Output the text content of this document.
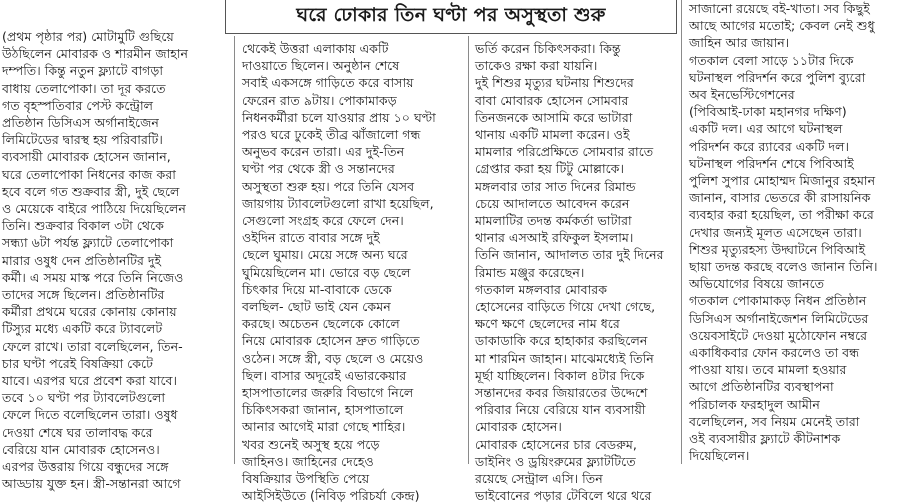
(প্রথম পৃষ্ঠার পর) মোটামুটি গুছিয়ে
উঠছিলেন মোবারক ও শারমীন জাহান
দম্পতি। কিন্তু নতুন ফ্ল্যাটে বাগড়া
বাধায় তেলাপোকা। তা দূর করতে
গত বৃহস্পতিবার পেস্ট কন্ট্রোল
প্রতিষ্ঠান ডিসিএস অর্গানাইজেন
লিমিটেডের দ্বারস্থ হয় পরিবারটি।
ব্যবসায়ী মোবারক হোসেন জানান,
ঘরে তেলাপোকা নিধনের কাজ করা
হবে বলে গত শুক্রবার স্ত্রী, দুই ছেলে
ও মেয়েকে বাইরে পাঠিয়ে দিয়েছিলেন
তিনি। শুক্রবার বিকাল ৩টা থেকে
সন্ধ্যা ৬টা পর্যন্ত ফ্ল্যাটে তেলাপোকা
মারার ওষুধ দেন প্রতিষ্ঠানটির দুই
কর্মী। এ সময় মাস্ক পরে তিনি নিজেও
তাদের সঙ্গে ছিলেন। প্রতিষ্ঠানটির
কর্মীরা প্রথমে ঘরের কোনায় কোনায়
টিস্যুর মধ্যে একটি করে ট্যাবলেট
ফেলে রাখে। তারা বলেছিলেন, তিন-
চার ঘণ্টা পরেই বিষক্রিয়া কেটে
যাবে। এরপর ঘরে প্রবেশ করা যাবে।
তবে ১০ ঘণ্টা পর ট্যাবলেটগুলো
ফেলে দিতে বলেছিলেন তারা। ওষুধ
দেওয়া শেষে ঘর তালাবদ্ধ করে
বেরিয়ে যান মোবারক হোসেনও।
এরপর উত্তরায় গিয়ে বন্ধুদের সঙ্গে
আড্ডায় যুক্ত হন। স্ত্রী-সন্তানরা আগে

থেকেই উত্তরা এলাকায় একটি
দাওয়াতে ছিলেন। অনুষ্ঠান শেষে
সবাই একসঙ্গে গাড়িতে করে বাসায়
ফেরেন রাত ৯টায়। পোকামাকড়
নিধনকর্মীরা চলে যাওয়ার প্রায় ১০ ঘণ্টা
পরও ঘরে ঢুকেই তীব্র ঝাঁজালো গন্ধ
অনুভব করেন তারা। এর দুই-তিন
ঘণ্টা পর থেকে স্ত্রী ও সন্তানদের
অসুস্থতা শুরু হয়। পরে তিনি যেসব
জায়গায় ট্যাবলেটগুলো রাখা হয়েছিল,
সেগুলো সংগ্রহ করে ফেলে দেন।
ওইদিন রাতে বাবার সঙ্গে দুই
ছেলে ঘুমায়। মেয়ে সঙ্গে অন্য ঘরে
ঘুমিয়েছিলেন মা। ভোরে বড় ছেলে
চিৎকার দিয়ে মা-বাবাকে ডেকে
বলছিল- ছোট ভাই যেন কেমন
করছে। অচেতন ছেলেকে কোলে
নিয়ে মোবারক হোসেন দ্রুত গাড়িতে
ওঠেন। সঙ্গে স্ত্রী, বড় ছেলে ও মেয়েও
ছিল। বাসার অদূরেই এভারকেয়ার
হাসপাতালের জরুরি বিভাগে নিলে
চিকিৎসকরা জানান, হাসপাতালে
আনার আগেই মারা গেছে শাহির।
খবর শুনেই অসুস্থ হয়ে পড়ে
জাহিনও। জাহিনের দেহেও
বিষক্রিয়ার উপস্থিতি পেয়ে
আইসিইউতে (নিবিড় পরিচর্যা কেন্দ্র)

ভর্তি করেন চিকিৎসকরা। কিন্তু
তাকেও রক্ষা করা যায়নি।
দুই শিশুর মৃত্যুর ঘটনায় শিশুদের
বাবা মোবারক হোসেন সোমবার
তিনজনকে আসামি করে ভাটারা
থানায় একটি মামলা করেন। ওই
মামলার পরিপ্রেক্ষিতে সোমবার রাতে
গ্রেপ্তার করা হয় টিটু মোল্লাকে।
মঙ্গলবার তার সাত দিনের রিমান্ড
চেয়ে আদালতে আবেদন করেন
মামলাটির তদন্ত কর্মকর্তা ভাটারা
থানার এসআই রফিকুল ইসলাম।
তিনি জানান, আদালত তার দুই দিনের
রিমান্ড মঞ্জুর করেছেন।
গতকাল মঙ্গলবার মোবারক
হোসেনের বাড়িতে গিয়ে দেখা গেছে,
ক্ষণে ক্ষণে ছেলেদের নাম ধরে
ডাকাডাকি করে হাহাকার করছিলেন
মা শারমিন জাহান। মাঝেমধ্যেই তিনি
মূর্ছা যাচ্ছিলেন। বিকাল ৪টার দিকে
সন্তানদের কবর জিয়ারতের উদ্দেশে
পরিবার নিয়ে বেরিয়ে যান ব্যবসায়ী
মোবারক হোসেন।
মোবারক হোসেনের চার বেডরুম,
ডাইনিং ও ড্রয়িংরুমের ফ্ল্যাটটিতে
রয়েছে সেন্ট্রাল এসি। তিন
ভাইবোনের পড়ার টেবিলে থরে থরে

সাজানো রয়েছে বই-খাতা। সব কিছুই
আছে আগের মতোই; কেবল নেই শুধু
জাহিন আর জায়ান।
গতকাল বেলা সাড়ে ১১টার দিকে
ঘটনাস্থল পরিদর্শন করে পুলিশ ব্যুরো
অব ইনভেস্টিগেশনের
(পিবিআই-ঢাকা মহানগর দক্ষিণ)
একটি দল। এর আগে ঘটনাস্থল
পরিদর্শন করে র‍্যাবের একটি দল।
ঘটনাস্থল পরিদর্শন শেষে পিবিআই
পুলিশ সুপার মোহাম্মদ মিজানুর রহমান
জানান, বাসার ভেতরে কী রাসায়নিক
ব্যবহার করা হয়েছিল, তা পরীক্ষা করে
দেখার জন্যই মূলত এসেছেন তারা।
শিশুর মৃত্যুরহস্য উদ্ঘাটনে পিবিআই
ছায়া তদন্ত করছে বলেও জানান তিনি।
অভিযোগের বিষয়ে জানতে
গতকাল পোকামাকড় নিধন প্রতিষ্ঠান
ডিসিএস অর্গানাইজেশন লিমিটেডের
ওয়েবসাইটে দেওয়া মুঠোফোন নম্বরে
একাধিকবার ফোন করলেও তা বন্ধ
পাওয়া যায়। তবে মামলা হওয়ার
আগে প্রতিষ্ঠানটির ব্যবস্থাপনা
পরিচালক ফরহাদুল আমীন
বলেছিলেন, সব নিয়ম মেনেই তারা
ওই ব্যবসায়ীর ফ্ল্যাটে কীটনাশক
দিয়েছিলেন।

ঘরে ঢোকার তিন ঘণ্টা পর অসুস্থতা শুরু
